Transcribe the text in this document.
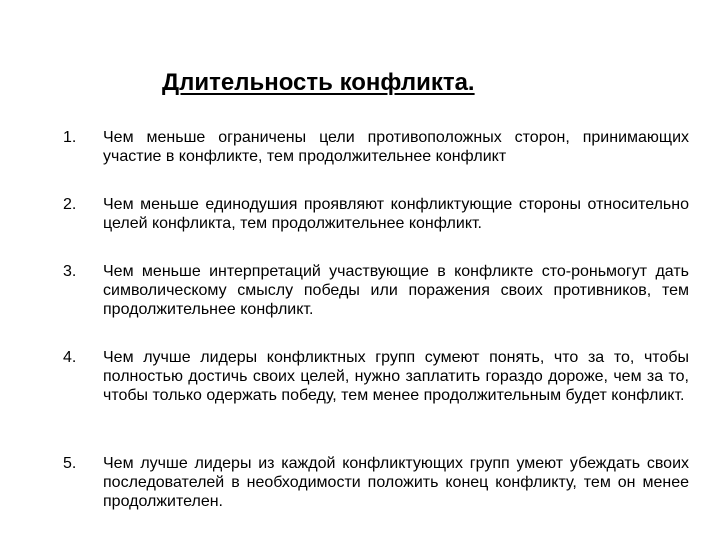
Длительность конфликта.
1. Чем меньше ограничены цели противоположных сторон, принимающих участие в конфликте, тем продолжительнее конфликт

2. Чем меньше единодушия проявляют конфликтующие стороны относительно целей конфликта, тем продолжительнее конфликт.

3. Чем меньше интерпретаций участвующие в конфликте сто-роньмогут дать символическому смыслу победы или поражения своих противников, тем продолжительнее конфликт.

4. Чем лучше лидеры конфликтных групп сумеют понять, что за то, чтобы полностью достичь своих целей, нужно заплатить гораздо дороже, чем за то, чтобы только одержать победу, тем менее продолжительным будет конфликт.

5. Чем лучше лидеры из каждой конфликтующих групп умеют убеждать своих последователей в необходимости положить конец конфликту, тем он менее продолжителен.
